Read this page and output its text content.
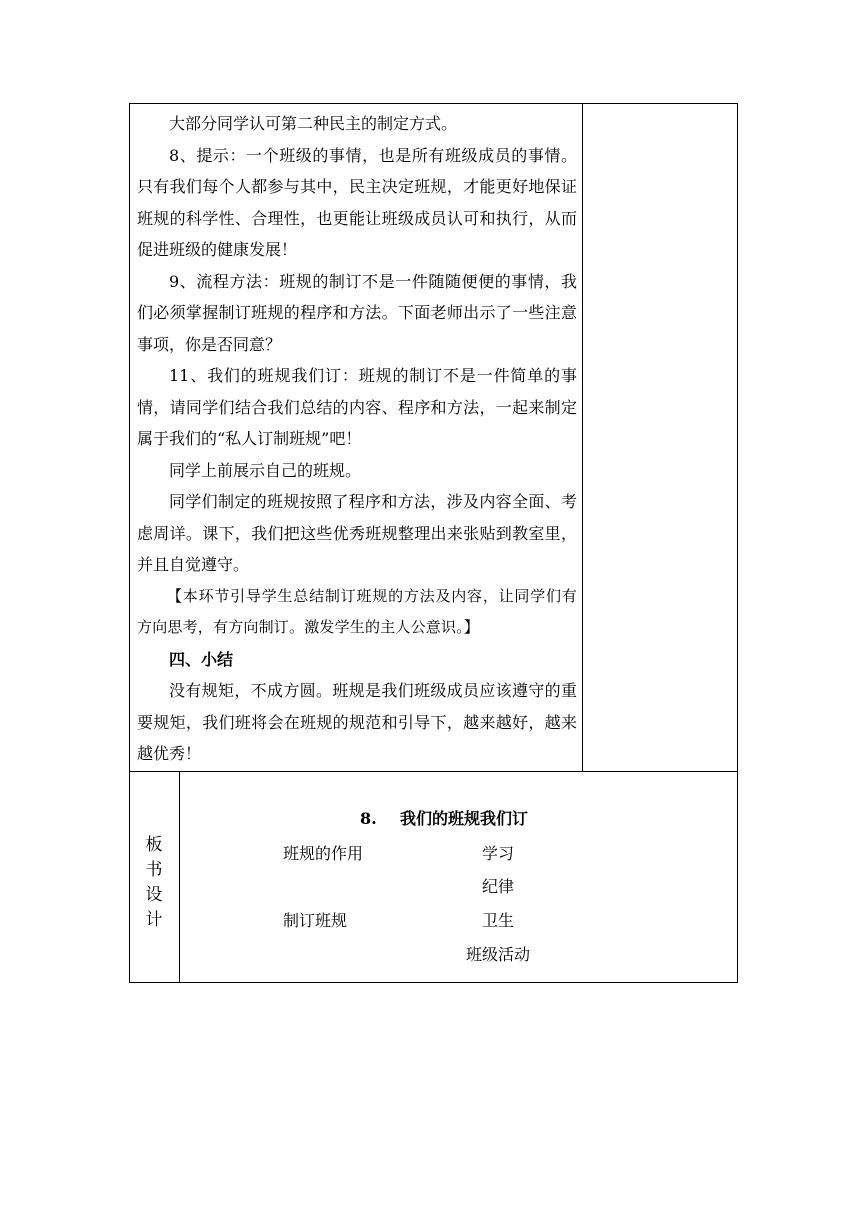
大部分同学认可第二种民主的制定方式。

8、提示：一个班级的事情，也是所有班级成员的事情。只有我们每个人都参与其中，民主决定班规，才能更好地保证班规的科学性、合理性，也更能让班级成员认可和执行，从而促进班级的健康发展！

9、流程方法：班规的制订不是一件随随便便的事情，我们必须掌握制订班规的程序和方法。下面老师出示了一些注意事项，你是否同意？

11、我们的班规我们订：班规的制订不是一件简单的事情，请同学们结合我们总结的内容、程序和方法，一起来制定属于我们的“私人订制班规”吧！

同学上前展示自己的班规。

同学们制定的班规按照了程序和方法，涉及内容全面、考虑周详。课下，我们把这些优秀班规整理出来张贴到教室里，并且自觉遵守。

【本环节引导学生总结制订班规的方法及内容，让同学们有方向思考，有方向制订。激发学生的主人公意识。】

四、小结

没有规矩，不成方圆。班规是我们班级成员应该遵守的重要规矩，我们班将会在班规的规范和引导下，越来越好，越来越优秀！

板
书
设
计
8. 我们的班规我们订
班规的作用
制订班规
学习
纪律
卫生
班级活动
